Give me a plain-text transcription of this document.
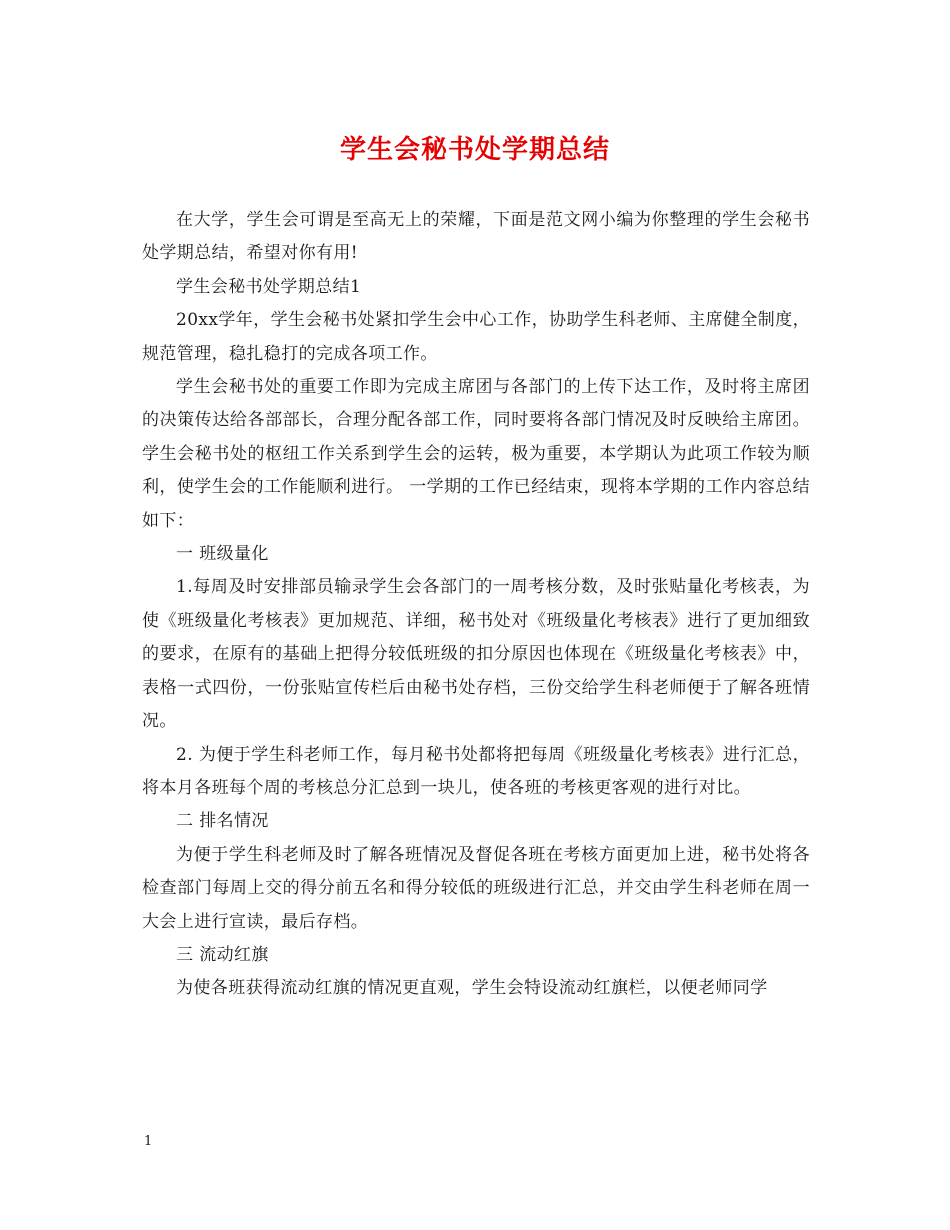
学生会秘书处学期总结

在大学，学生会可谓是至高无上的荣耀，下面是范文网小编为你整理的学生会秘书处学期总结，希望对你有用!

学生会秘书处学期总结1

20xx学年，学生会秘书处紧扣学生会中心工作，协助学生科老师、主席健全制度，规范管理，稳扎稳打的完成各项工作。

学生会秘书处的重要工作即为完成主席团与各部门的上传下达工作，及时将主席团的决策传达给各部部长，合理分配各部工作，同时要将各部门情况及时反映给主席团。学生会秘书处的枢纽工作关系到学生会的运转，极为重要，本学期认为此项工作较为顺利，使学生会的工作能顺利进行。 一学期的工作已经结束，现将本学期的工作内容总结如下：

一 班级量化

1.每周及时安排部员输录学生会各部门的一周考核分数，及时张贴量化考核表，为使《班级量化考核表》更加规范、详细，秘书处对《班级量化考核表》进行了更加细致的要求，在原有的基础上把得分较低班级的扣分原因也体现在《班级量化考核表》中，表格一式四份，一份张贴宣传栏后由秘书处存档，三份交给学生科老师便于了解各班情况。

2. 为便于学生科老师工作，每月秘书处都将把每周《班级量化考核表》进行汇总，将本月各班每个周的考核总分汇总到一块儿，使各班的考核更客观的进行对比。

二 排名情况

为便于学生科老师及时了解各班情况及督促各班在考核方面更加上进，秘书处将各检查部门每周上交的得分前五名和得分较低的班级进行汇总，并交由学生科老师在周一大会上进行宣读，最后存档。

三 流动红旗

为使各班获得流动红旗的情况更直观，学生会特设流动红旗栏，以便老师同学

1
